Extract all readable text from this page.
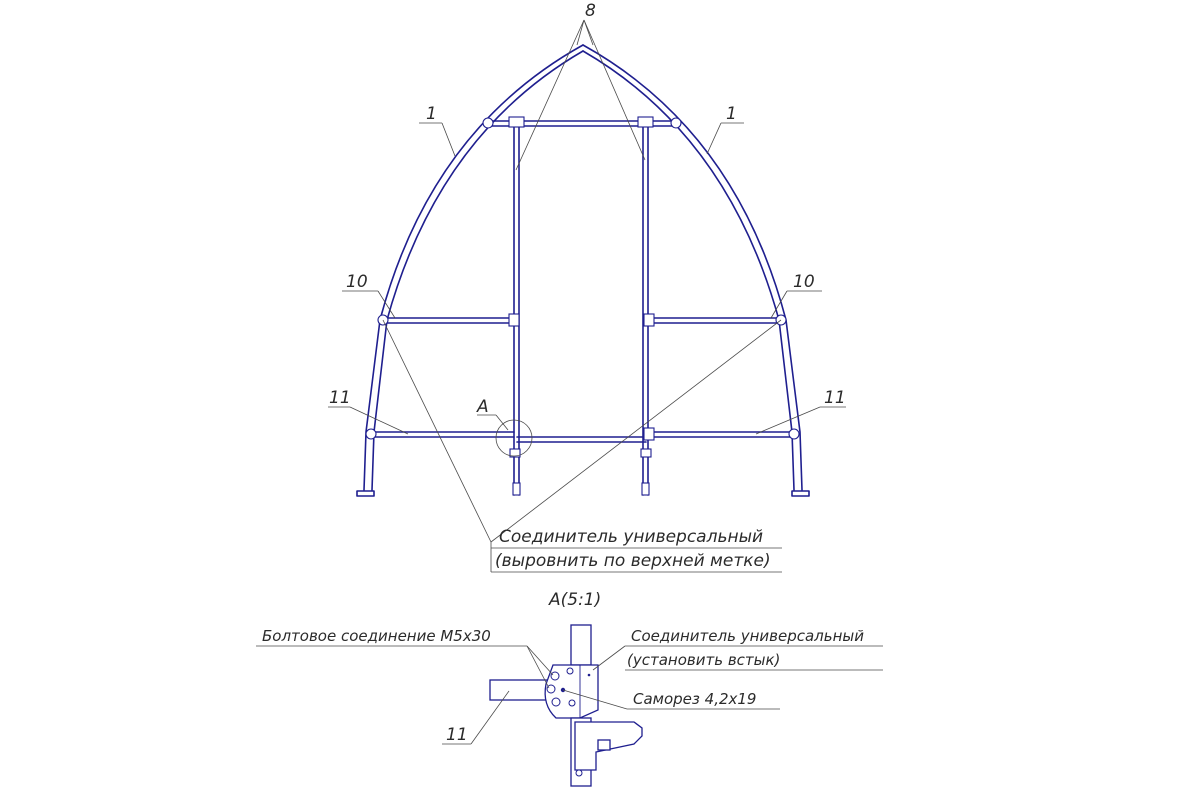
8
1	1
10	10
11	11
A
Соединитель универсальный
(выровнить по верхней метке)
A(5:1)
Болтовое соединение М5х30	Соединитель универсальный
(установить встык)
Саморез 4,2х19
11
